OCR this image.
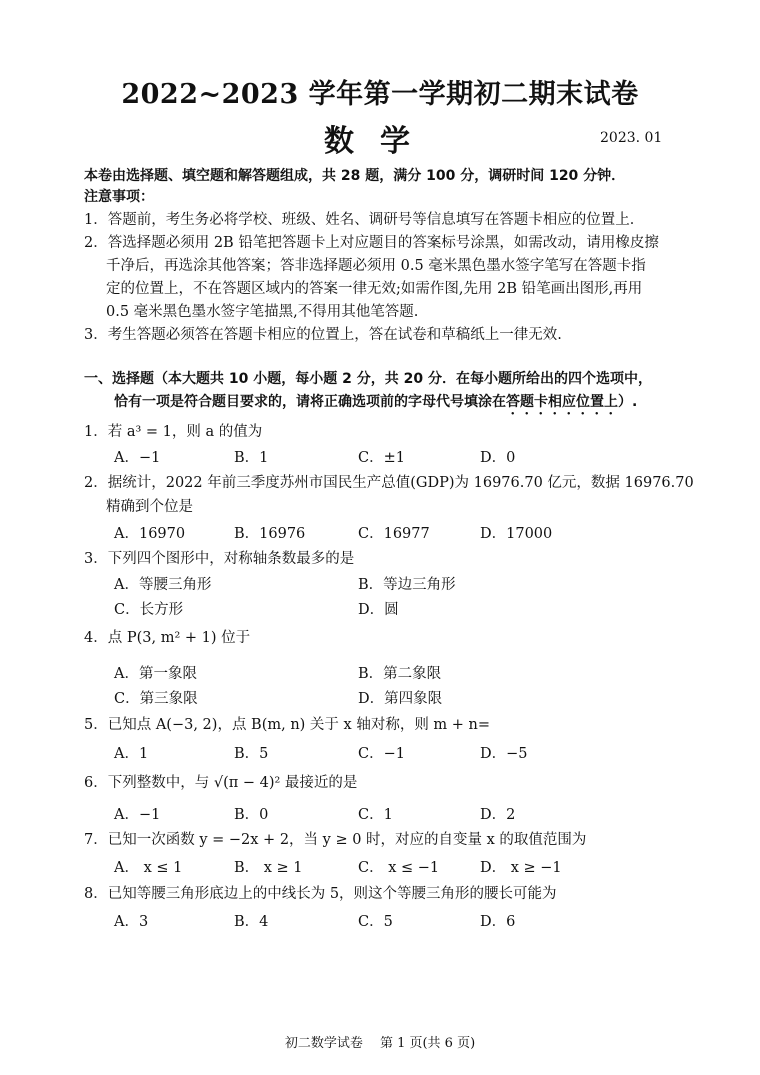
2022~2023 学年第一学期初二期末试卷
数学	2023. 01
本卷由选择题、填空题和解答题组成，共 28 题，满分 100 分，调研时间 120 分钟．
注意事项：
1．答题前，考生务必将学校、班级、姓名、调研号等信息填写在答题卡相应的位置上．
2．答选择题必须用 2B 铅笔把答题卡上对应题目的答案标号涂黑，如需改动，请用橡皮擦
千净后，再选涂其他答案；答非选择题必须用 0.5 毫米黑色墨水签字笔写在答题卡指
定的位置上，不在答题区域内的答案一律无效;如需作图,先用 2B 铅笔画出图形,再用
0.5 毫米黑色墨水签字笔描黑,不得用其他笔答题.
3．考生答题必须答在答题卡相应的位置上，答在试卷和草稿纸上一律无效.
一、选择题（本大题共 10 小题，每小题 2 分，共 20 分．在每小题所给出的四个选项中，
恰有一项是符合题目要求的，请将正确选项前的字母代号填涂在答题卡相应位置上）.
1．若 a³ = 1，则 a 的值为
A．−1	B．1	C．±1	D．0
2．据统计，2022 年前三季度苏州市国民生产总值(GDP)为 16976.70 亿元，数据 16976.70
精确到个位是
A．16970	B．16976	C．16977	D．17000
3．下列四个图形中，对称轴条数最多的是
A．等腰三角形	B．等边三角形
C．长方形	D．圆
4．点 P(3, m² + 1) 位于
A．第一象限	B．第二象限
C．第三象限	D．第四象限
5．已知点 A(−3, 2)，点 B(m, n) 关于 x 轴对称，则 m + n=
A．1	B．5	C．−1	D．−5
6．下列整数中，与 √(π − 4)² 最接近的是
A．−1	B．0	C．1	D．2
7．已知一次函数 y = −2x + 2，当 y ≥ 0 时，对应的自变量 x 的取值范围为
A． x ≤ 1	B． x ≥ 1	C． x ≤ −1	D． x ≥ −1
8．已知等腰三角形底边上的中线长为 5，则这个等腰三角形的腰长可能为
A．3	B．4	C．5	D．6
初二数学试卷　 第 1 页(共 6 页)
